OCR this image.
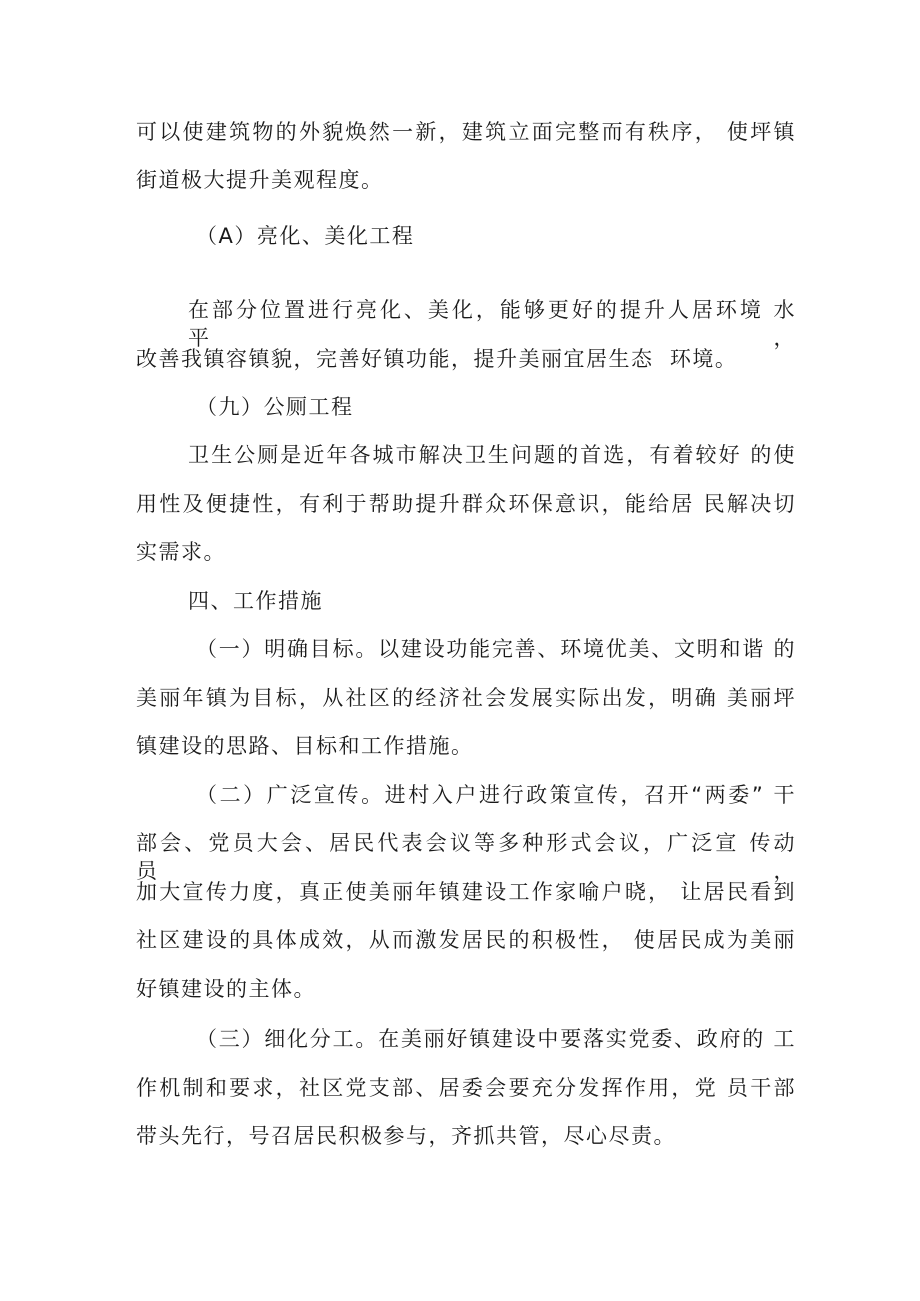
可以使建筑物的外貌焕然一新，建筑立面完整而有秩序， 使坪镇
街道极大提升美观程度。
（A）亮化、美化工程
在部分位置进行亮化、美化，能够更好的提升人居环境 水平，
改善我镇容镇貌，完善好镇功能，提升美丽宜居生态  环境。
（九）公厕工程
卫生公厕是近年各城市解决卫生问题的首选，有着较好 的使
用性及便捷性，有利于帮助提升群众环保意识，能给居 民解决切
实需求。
四、工作措施
（一）明确目标。以建设功能完善、环境优美、文明和谐 的
美丽年镇为目标，从社区的经济社会发展实际出发，明确 美丽坪
镇建设的思路、目标和工作措施。
（二）广泛宣传。进村入户进行政策宣传，召开“两委” 干
部会、党员大会、居民代表会议等多种形式会议，广泛宣 传动员，
加大宣传力度，真正使美丽年镇建设工作家喻户晓， 让居民看到
社区建设的具体成效，从而激发居民的积极性， 使居民成为美丽
好镇建设的主体。
（三）细化分工。在美丽好镇建设中要落实党委、政府的 工
作机制和要求，社区党支部、居委会要充分发挥作用，党 员干部
带头先行，号召居民积极参与，齐抓共管，尽心尽责。
